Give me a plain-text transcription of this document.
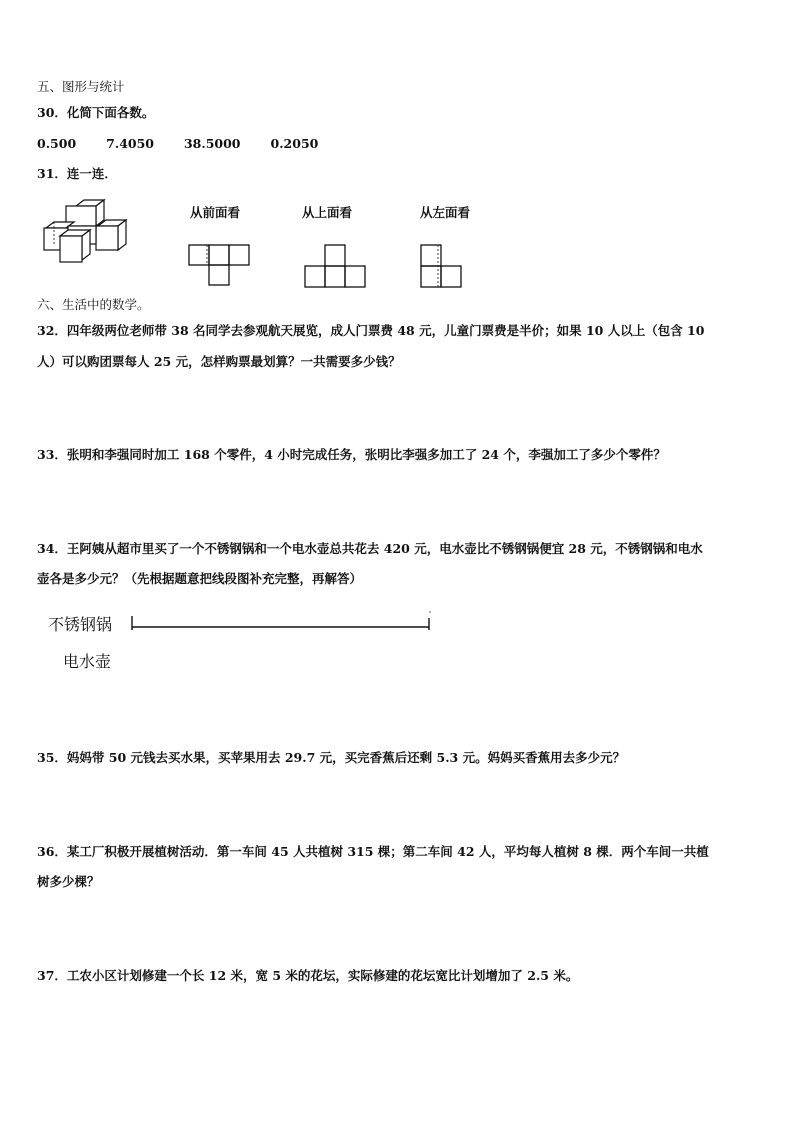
五、图形与统计
30．化简下面各数。
0.500 7.4050 38.5000 0.2050
31．连一连．
从前面看	从上面看	从左面看
六、生活中的数学。
32．四年级两位老师带 38 名同学去参观航天展览，成人门票费 48 元，儿童门票费是半价；如果 10 人以上（包含 10
人）可以购团票每人 25 元，怎样购票最划算？一共需要多少钱？
33．张明和李强同时加工 168 个零件，4 小时完成任务，张明比李强多加工了 24 个，李强加工了多少个零件？
34．王阿姨从超市里买了一个不锈钢锅和一个电水壶总共花去 420 元，电水壶比不锈钢锅便宜 28 元，不锈钢锅和电水
壶各是多少元？（先根据题意把线段图补充完整，再解答）
不锈钢锅
电水壶
35．妈妈带 50 元钱去买水果，买苹果用去 29.7 元，买完香蕉后还剩 5.3 元。妈妈买香蕉用去多少元？
36．某工厂积极开展植树活动．第一车间 45 人共植树 315 棵；第二车间 42 人，平均每人植树 8 棵．两个车间一共植
树多少棵？
37．工农小区计划修建一个长 12 米，宽 5 米的花坛，实际修建的花坛宽比计划增加了 2.5 米。
